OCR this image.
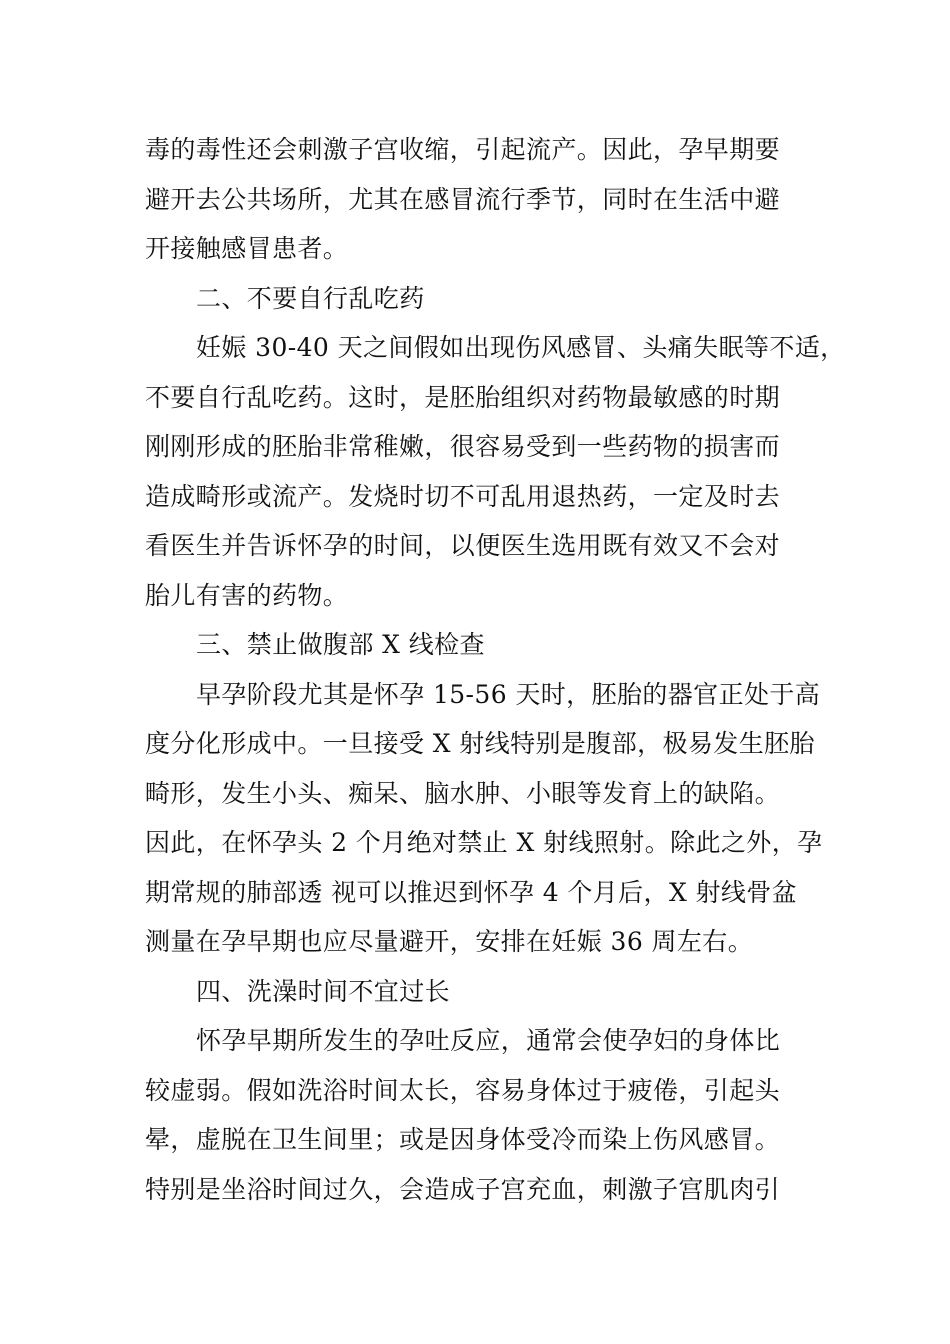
毒的毒性还会刺激子宫收缩，引起流产。因此，孕早期要

避开去公共场所，尤其在感冒流行季节，同时在生活中避

开接触感冒患者。

二、不要自行乱吃药

妊娠 30-40 天之间假如出现伤风感冒、头痛失眠等不适，

不要自行乱吃药。这时，是胚胎组织对药物最敏感的时期

刚刚形成的胚胎非常稚嫩，很容易受到一些药物的损害而

造成畸形或流产。发烧时切不可乱用退热药，一定及时去

看医生并告诉怀孕的时间，以便医生选用既有效又不会对

胎儿有害的药物。

三、禁止做腹部 X 线检查

早孕阶段尤其是怀孕 15-56 天时，胚胎的器官正处于高

度分化形成中。一旦接受 X 射线特别是腹部，极易发生胚胎

畸形，发生小头、痴呆、脑水肿、小眼等发育上的缺陷。

因此，在怀孕头 2 个月绝对禁止 X 射线照射。除此之外，孕

期常规的肺部透 视可以推迟到怀孕 4 个月后，X 射线骨盆

测量在孕早期也应尽量避开，安排在妊娠 36 周左右。

四、洗澡时间不宜过长

怀孕早期所发生的孕吐反应，通常会使孕妇的身体比

较虚弱。假如洗浴时间太长，容易身体过于疲倦，引起头

晕，虚脱在卫生间里；或是因身体受冷而染上伤风感冒。

特别是坐浴时间过久，会造成子宫充血，刺激子宫肌肉引
